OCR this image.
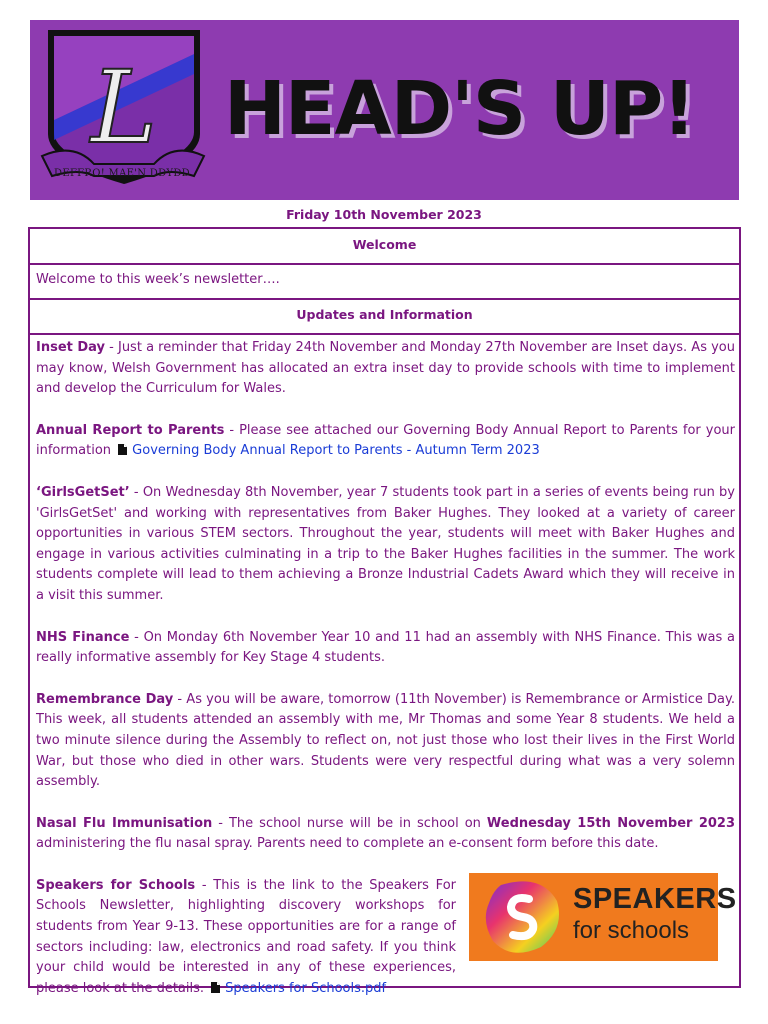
L
DEFFRO! MAE'N DDYDD
HEAD'S UP!
Friday 10th November 2023
Welcome
Welcome to this week’s newsletter….
Updates and Information

Inset Day - Just a reminder that Friday 24th November and Monday 27th November are Inset days. As you may know, Welsh Government has allocated an extra inset day to provide schools with time to implement and develop the Curriculum for Wales.

Annual Report to Parents - Please see attached our Governing Body Annual Report to Parents for your information Governing Body Annual Report to Parents - Autumn Term 2023

‘GirlsGetSet’ - On Wednesday 8th November, year 7 students took part in a series of events being run by 'GirlsGetSet' and working with representatives from Baker Hughes. They looked at a variety of career opportunities in various STEM sectors. Throughout the year, students will meet with Baker Hughes and engage in various activities culminating in a trip to the Baker Hughes facilities in the summer. The work students complete will lead to them achieving a Bronze Industrial Cadets Award which they will receive in a visit this summer.

NHS Finance - On Monday 6th November Year 10 and 11 had an assembly with NHS Finance. This was a really informative assembly for Key Stage 4 students.

Remembrance Day - As you will be aware, tomorrow (11th November) is Remembrance or Armistice Day. This week, all students attended an assembly with me, Mr Thomas and some Year 8 students. We held a two minute silence during the Assembly to reflect on, not just those who lost their lives in the First World War, but those who died in other wars. Students were very respectful during what was a very solemn assembly.

Nasal Flu Immunisation - The school nurse will be in school on Wednesday 15th November 2023 administering the flu nasal spray. Parents need to complete an e-consent form before this date.

Speakers for Schools - This is the link to the Speakers For Schools Newsletter, highlighting discovery workshops for students from Year 9-13. These opportunities are for a range of sectors including: law, electronics and road safety. If you think your child would be interested in any of these experiences, please look at the details. Speakers for Schools.pdf
SPEAKERS
for schools
